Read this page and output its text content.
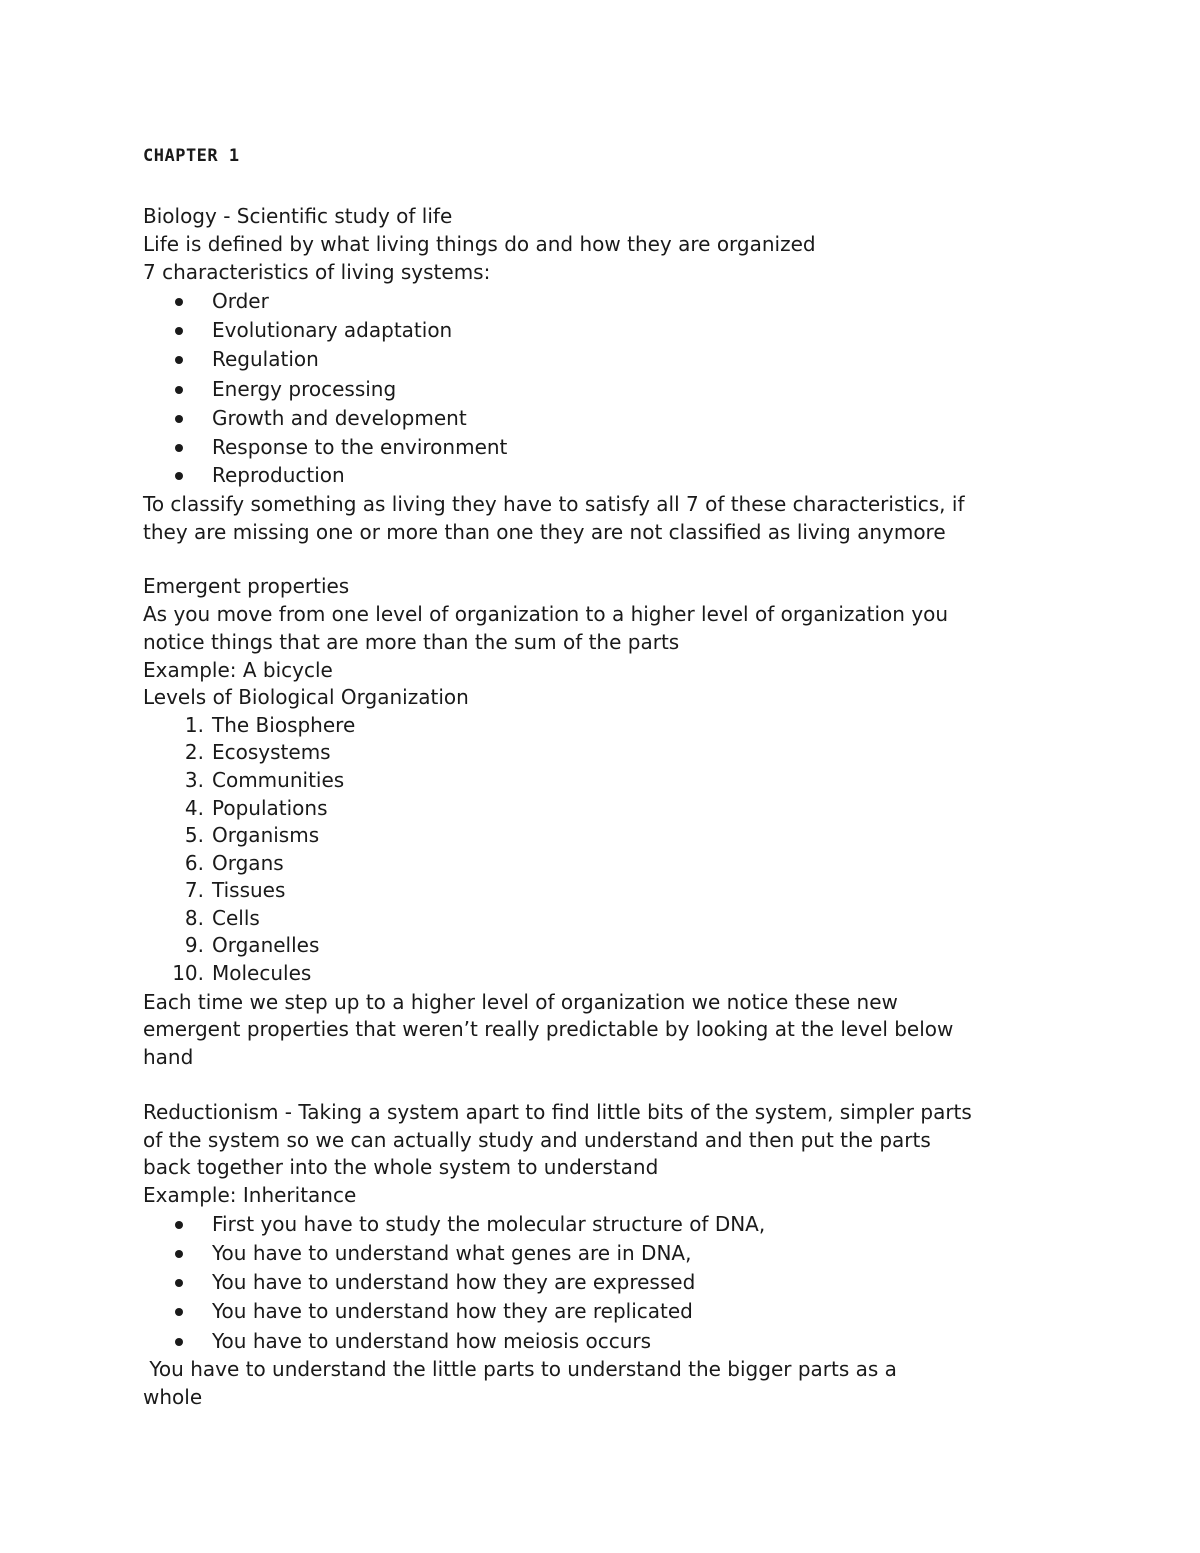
CHAPTER 1
Biology - Scientific study of life
Life is defined by what living things do and how they are organized
7 characteristics of living systems:
Order
Evolutionary adaptation
Regulation
Energy processing
Growth and development
Response to the environment
Reproduction
To classify something as living they have to satisfy all 7 of these characteristics, if
they are missing one or more than one they are not classified as living anymore
Emergent properties
As you move from one level of organization to a higher level of organization you
notice things that are more than the sum of the parts
Example: A bicycle
Levels of Biological Organization
1. The Biosphere
2. Ecosystems
3. Communities
4. Populations
5. Organisms
6. Organs
7. Tissues
8. Cells
9. Organelles
10. Molecules
Each time we step up to a higher level of organization we notice these new
emergent properties that weren’t really predictable by looking at the level below
hand
Reductionism - Taking a system apart to find little bits of the system, simpler parts
of the system so we can actually study and understand and then put the parts
back together into the whole system to understand
Example: Inheritance
First you have to study the molecular structure of DNA,
You have to understand what genes are in DNA,
You have to understand how they are expressed
You have to understand how they are replicated
You have to understand how meiosis occurs
You have to understand the little parts to understand the bigger parts as a
whole
